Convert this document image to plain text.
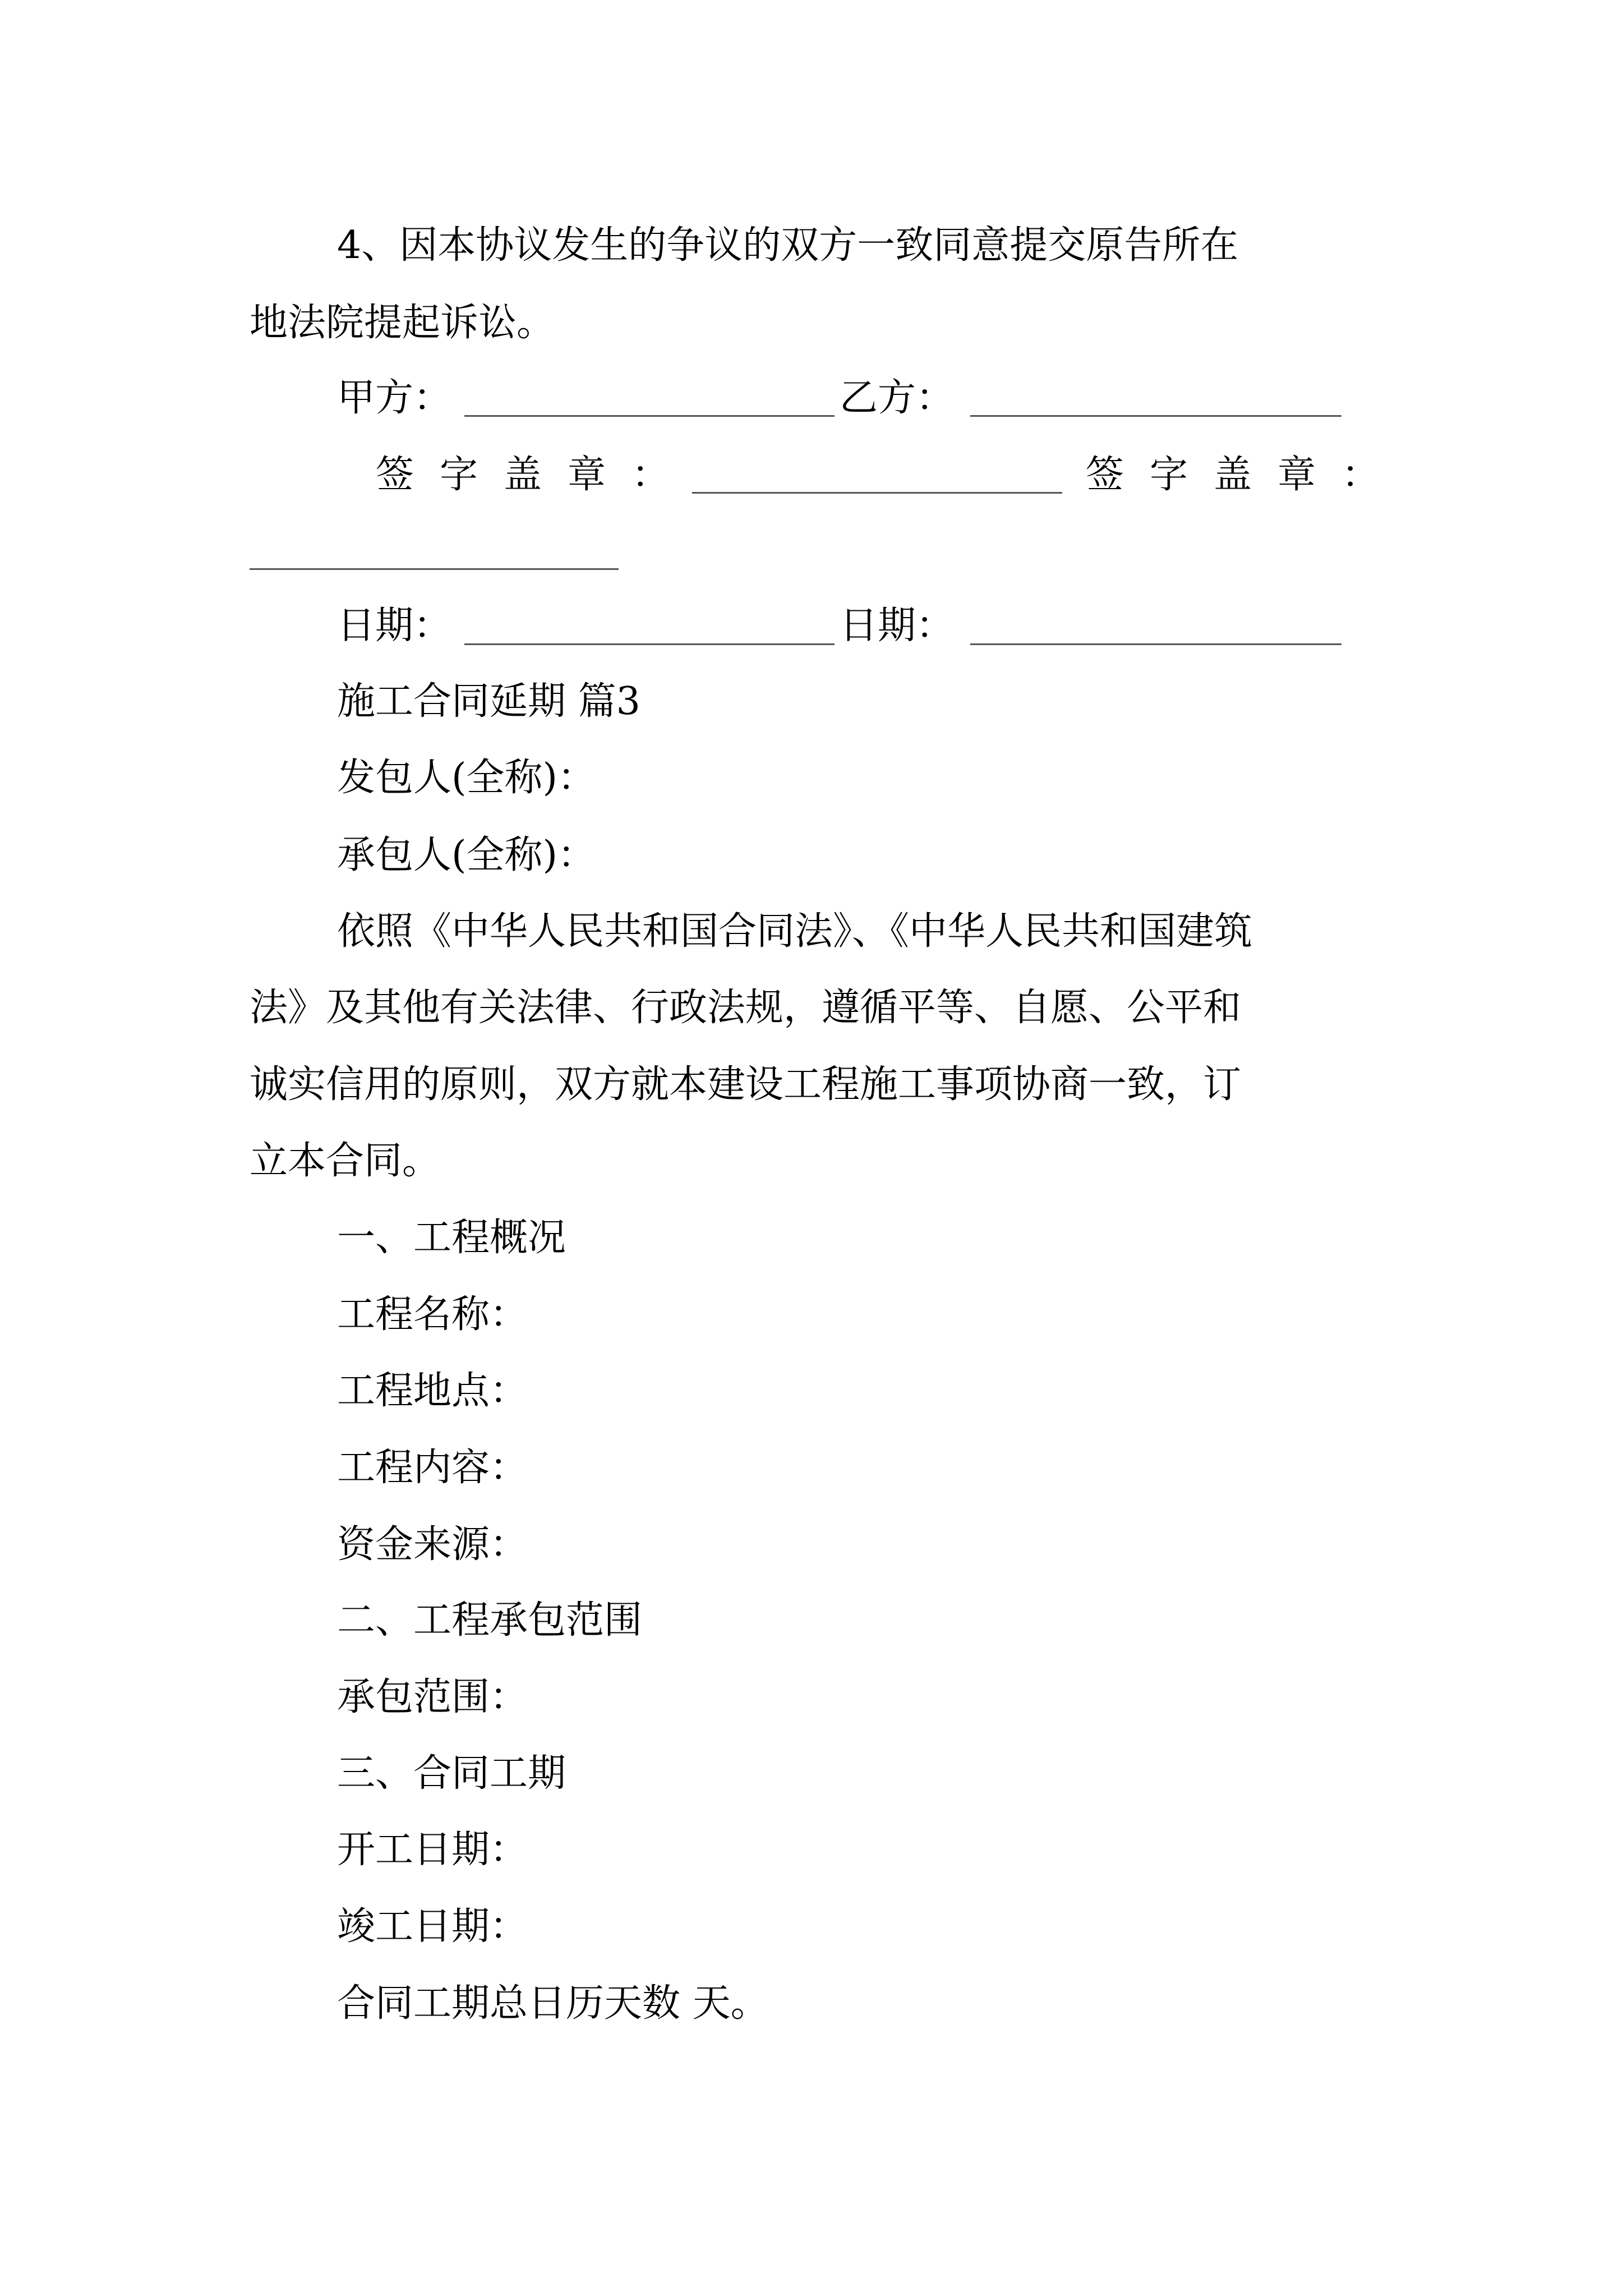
4、因本协议发生的争议的双方一致同意提交原告所在
地法院提起诉讼。
甲方：	乙方：
签字盖章：	签字盖章：
日期：	日期：
施工合同延期 篇3
发包人(全称)：
承包人(全称)：
依照《中华人民共和国合同法》、《中华人民共和国建筑
法》及其他有关法律、行政法规，遵循平等、自愿、公平和
诚实信用的原则，双方就本建设工程施工事项协商一致，订
立本合同。
一、工程概况
工程名称：
工程地点：
工程内容：
资金来源：
二、工程承包范围
承包范围：
三、合同工期
开工日期：
竣工日期：
合同工期总日历天数 天。
